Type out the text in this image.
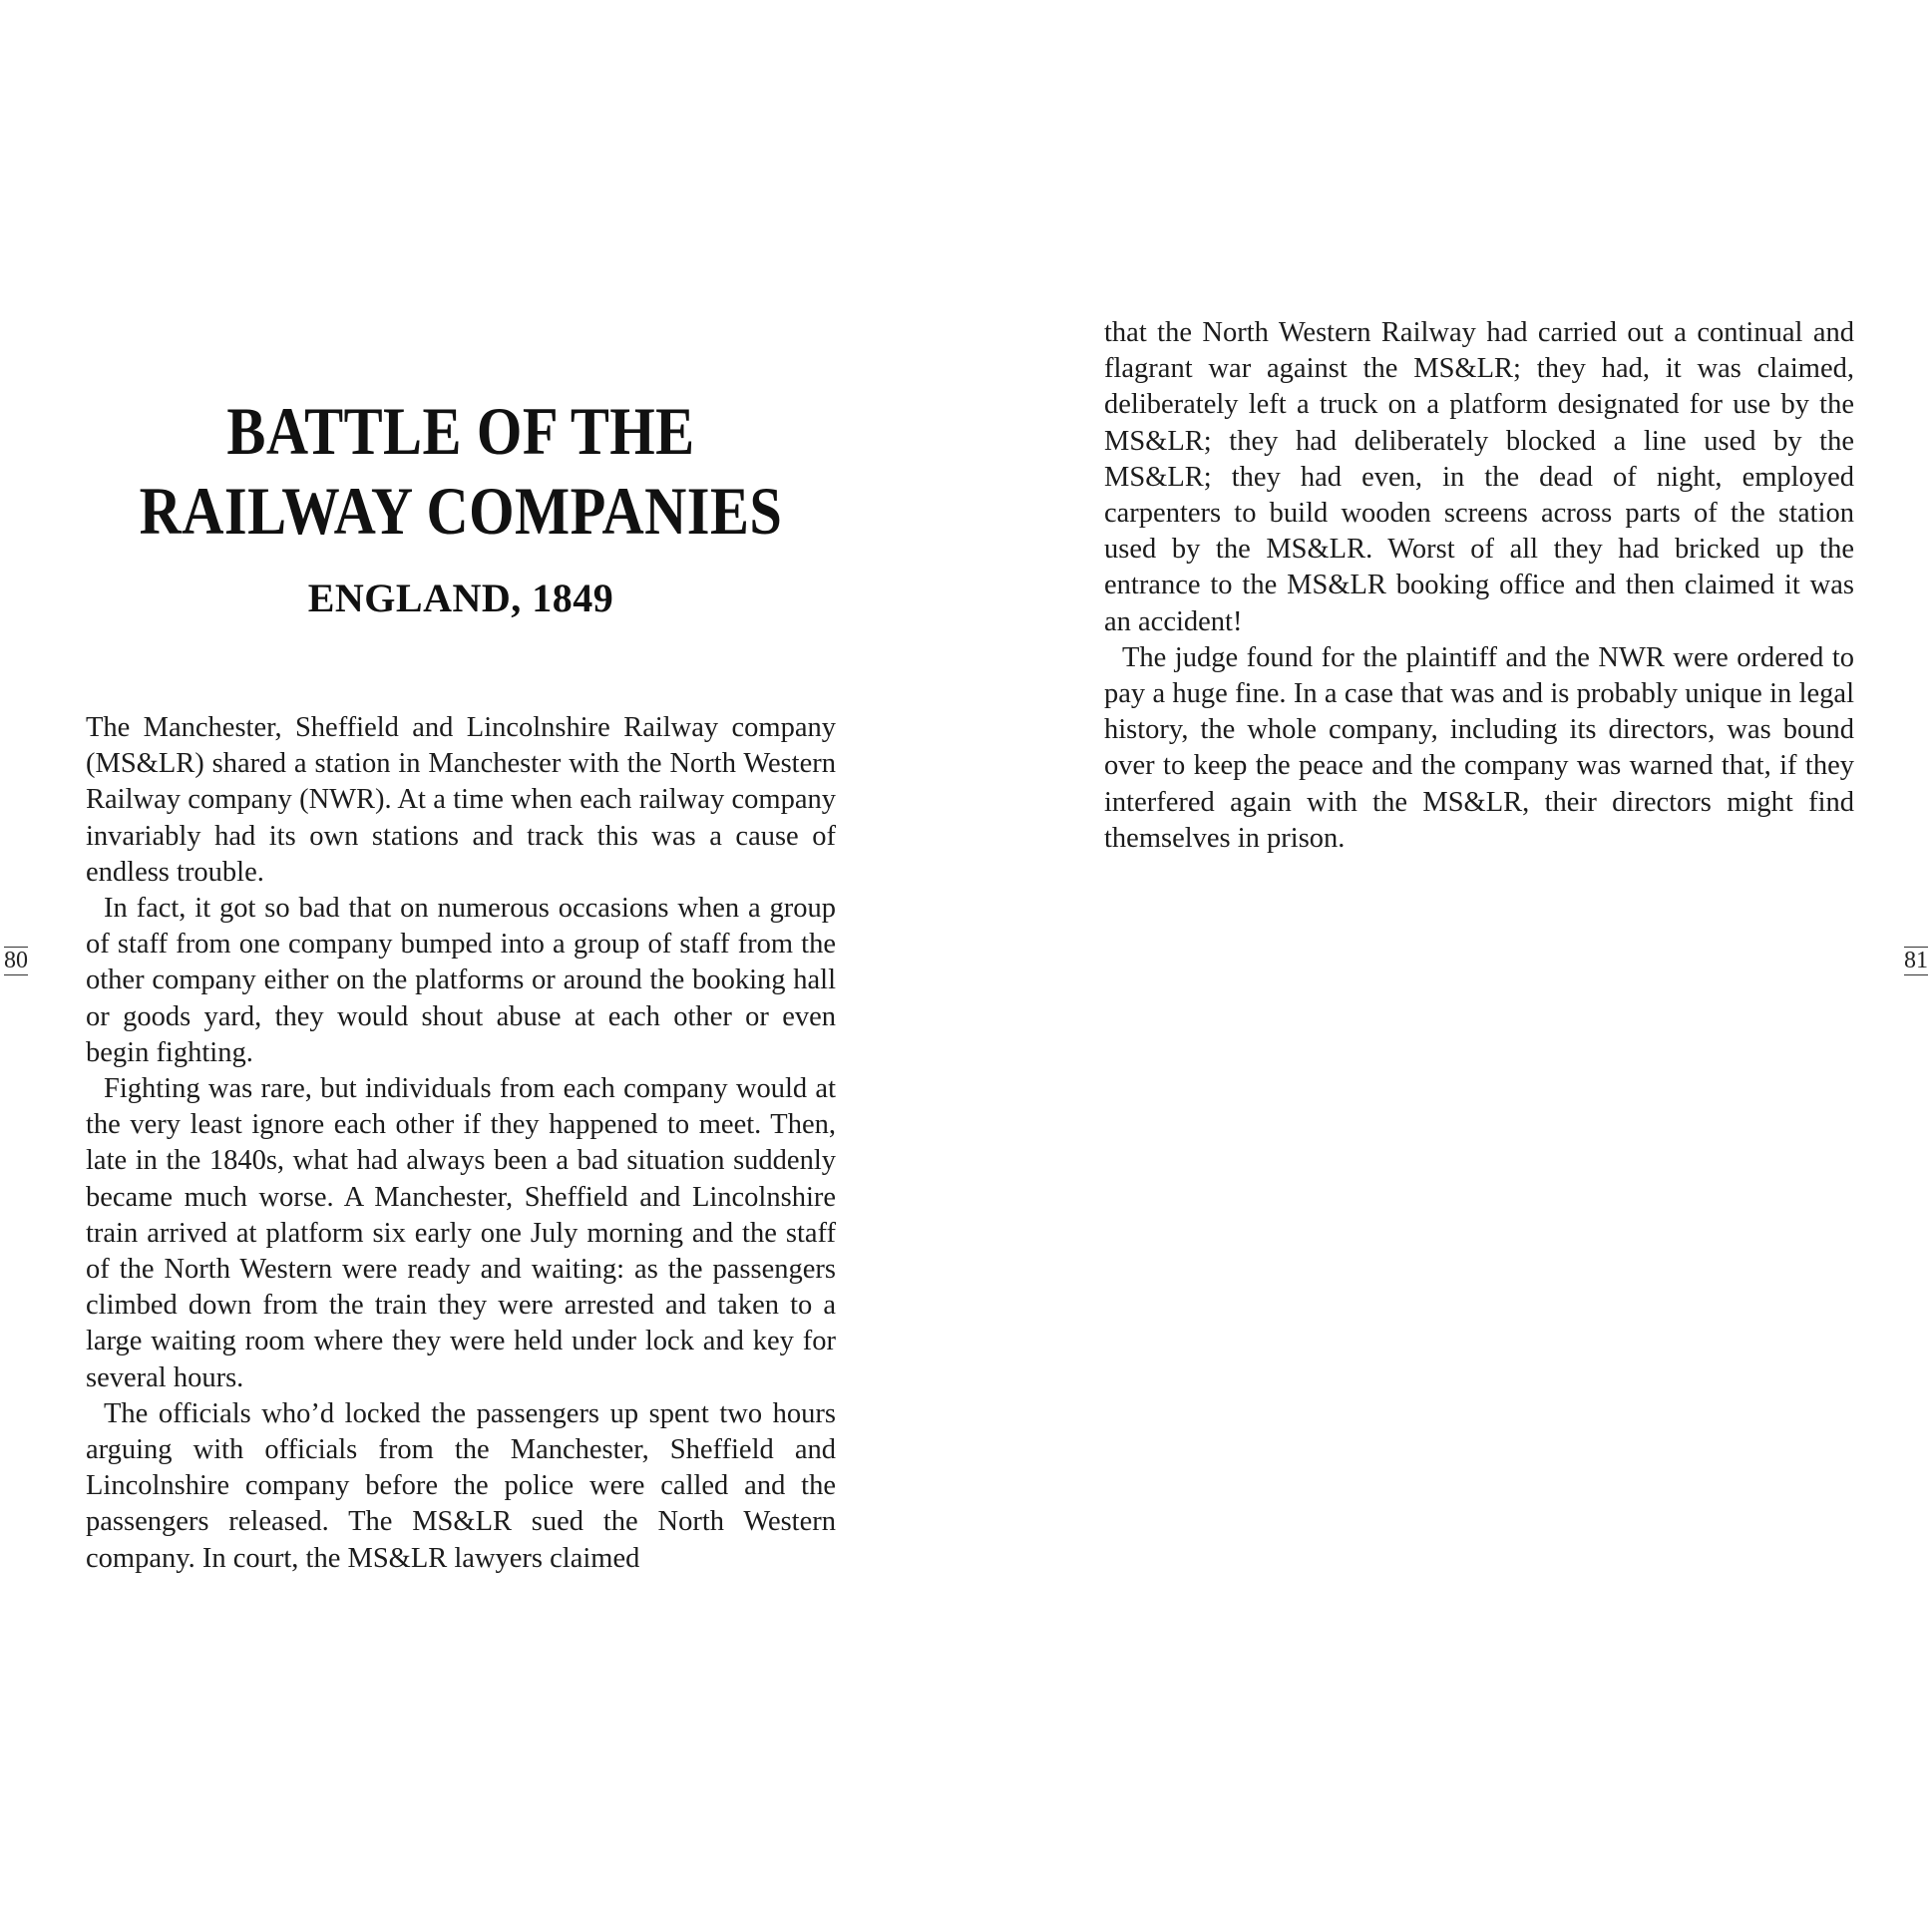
BATTLE OF THE RAILWAY COMPANIES
ENGLAND, 1849

The Manchester, Sheffield and Lincolnshire Railway company (MS&LR) shared a station in Manchester with the North Western Railway company (NWR). At a time when each railway company invariably had its own stations and track this was a cause of endless trouble.

In fact, it got so bad that on numerous occasions when a group of staff from one company bumped into a group of staff from the other company either on the platforms or around the booking hall or goods yard, they would shout abuse at each other or even begin fighting.

Fighting was rare, but individuals from each company would at the very least ignore each other if they happened to meet. Then, late in the 1840s, what had always been a bad situation suddenly became much worse. A Manchester, Sheffield and Lincolnshire train arrived at platform six early one July morning and the staff of the North Western were ready and waiting: as the passengers climbed down from the train they were arrested and taken to a large waiting room where they were held under lock and key for several hours.

The officials who’d locked the passengers up spent two hours arguing with officials from the Manchester, Sheffield and Lincolnshire company before the police were called and the passengers released. The MS&LR sued the North Western company. In court, the MS&LR lawyers claimed

80

that the North Western Railway had carried out a continual and flagrant war against the MS&LR; they had, it was claimed, deliberately left a truck on a platform designated for use by the MS&LR; they had deliberately blocked a line used by the MS&LR; they had even, in the dead of night, employed carpenters to build wooden screens across parts of the station used by the MS&LR. Worst of all they had bricked up the entrance to the MS&LR booking office and then claimed it was an accident!

The judge found for the plaintiff and the NWR were ordered to pay a huge fine. In a case that was and is probably unique in legal history, the whole company, including its directors, was bound over to keep the peace and the company was warned that, if they interfered again with the MS&LR, their directors might find themselves in prison.

81
